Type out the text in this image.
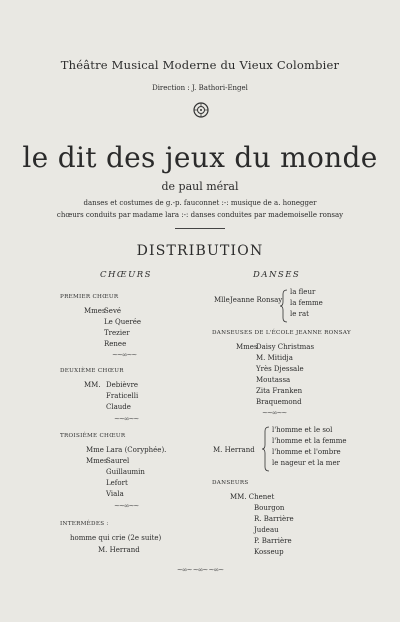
Théâtre Musical Moderne du Vieux Colombier
Direction : J. Bathori-Engel
le dit des jeux du monde
de paul méral
danses et costumes de g.-p. fauconnet :-: musique de a. honegger
chœurs conduits par madame lara :-: danses conduites par mademoiselle ronsay
DISTRIBUTION
CHŒURS	DANSES
PREMIER CHŒUR
Mmes
Sevé
Le Querée
Trezier
Renee
~~∞~~
DEUXIÈME CHŒUR
MM. Debièvre
Fraticelli
Claude
~~∞~~
TROISIÈME CHŒUR
Mme Lara (Coryphée).
Mmes
Saurel
Guillaumin
Lefort
Viala
~~∞~~
INTERMÈDES :
homme qui crie (2e suite)
M. Herrand
Mlle Jeanne Ronsay
la fleur
la femme
le rat
DANSEUSES DE L'ÉCOLE JEANNE RONSAY
Mmes
Daisy Christmas
M. Mitidja
Yrès Djessale
Moutassa
Zita Franken
Braquemond
~~∞~~
M. Herrand
l'homme et le sol
l'homme et la femme
l'homme et l'ombre
le nageur et la mer
DANSEURS
MM. Chenet
Bourgon
R. Barrière
Judeau
P. Barrière
Kosseup
~∞~ ~∞~ ~∞~
